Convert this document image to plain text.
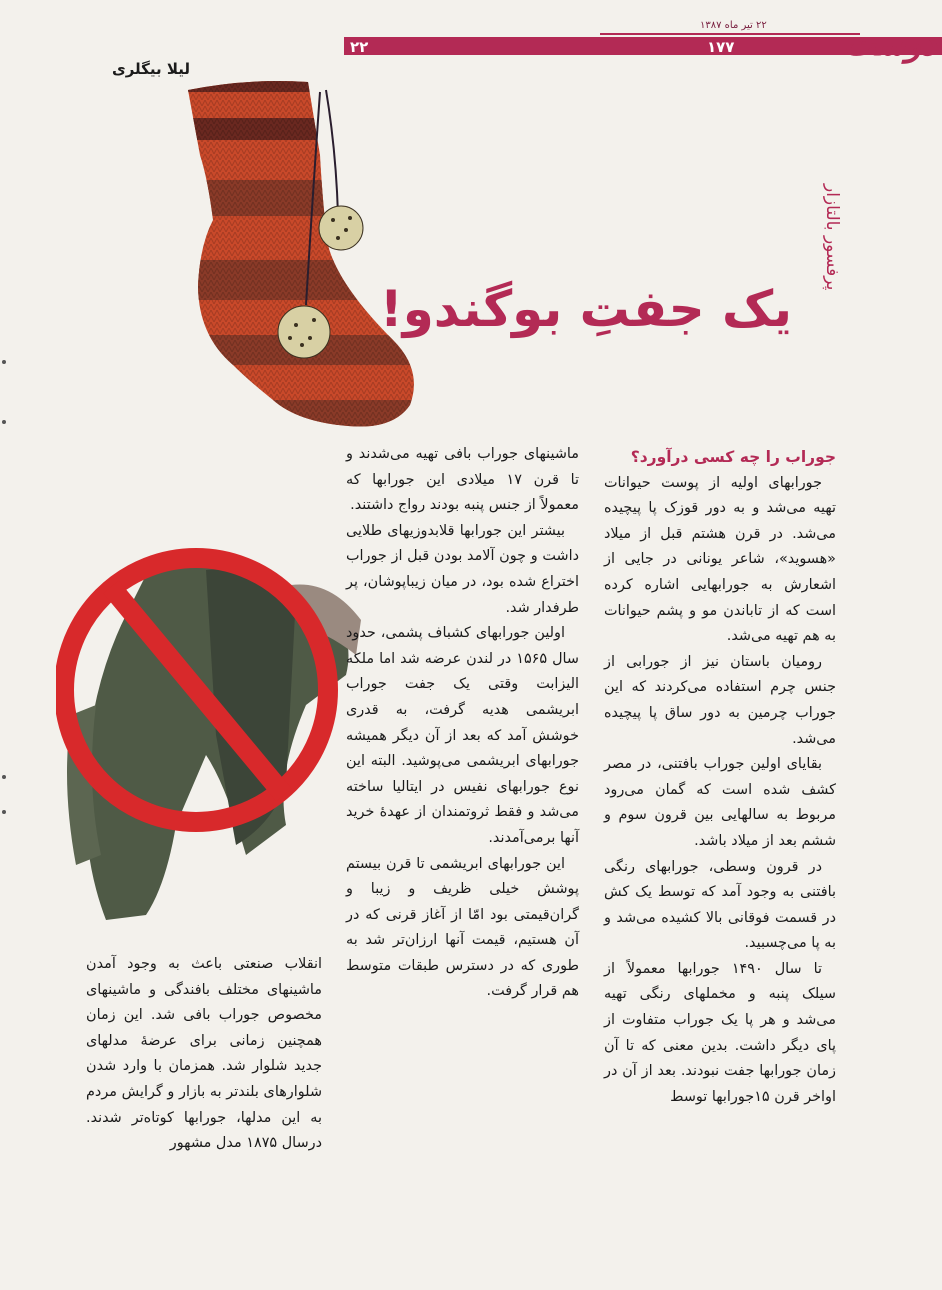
۲۲	۱۷۷
۲۲ تیر ماه ۱۳۸۷ دوست
لیلا بیگلری
پرفسور بالتازار
یک جفتِ بوگندو!

جوراب را چه کسی درآورد؟

جورابهای اولیه از پوست حیوانات تهیه می‌شد و به دور قوزک پا پیچیده می‌شد. در قرن هشتم قبل از میلاد «هسوید»، شاعر یونانی در جایی از اشعارش به جورابهایی اشاره کرده است که از تاباندن مو و پشم حیوانات به هم تهیه می‌شد.

رومیان باستان نیز از جورابی از جنس چرم استفاده می‌کردند که این جوراب چرمین به دور ساق پا پیچیده می‌شد.

بقایای اولین جوراب بافتنی، در مصر کشف شده است که گمان می‌رود مربوط به سالهایی بین قرون سوم و ششم بعد از میلاد باشد.

در قرون وسطی، جورابهای رنگی بافتنی به وجود آمد که توسط یک کش در قسمت فوقانی بالا کشیده می‌شد و به پا می‌چسبید.

تا سال ۱۴۹۰ جورابها معمولاً از سیلک پنبه و مخملهای رنگی تهیه می‌شد و هر پا یک جوراب متفاوت از پای دیگر داشت. بدین معنی که تا آن زمان جورابها جفت نبودند. بعد از آن در اواخر قرن ۱۵جورابها توسط

ماشینهای جوراب بافی تهیه می‌شدند و تا قرن ۱۷ میلادی این جورابها که معمولاً از جنس پنبه بودند رواج داشتند.

بیشتر این جورابها قلابدوزیهای طلایی داشت و چون آلامد بودن قبل از جوراب اختراع شده بود، در میان زیباپوشان، پر طرفدار شد.

اولین جورابهای کشباف پشمی، حدود سال ۱۵۶۵ در لندن عرضه شد اما ملکه الیزابت وقتی یک جفت جوراب ابریشمی هدیه گرفت، به قدری خوشش آمد که بعد از آن دیگر همیشه جورابهای ابریشمی می‌پوشید. البته این نوع جورابهای نفیس در ایتالیا ساخته می‌شد و فقط ثروتمندان از عهدهٔ خرید آنها برمی‌آمدند.

این جورابهای ابریشمی تا قرن بیستم پوشش خیلی ظریف و زیبا و گران‌قیمتی بود امّا از آغاز قرنی که در آن هستیم، قیمت آنها ارزان‌تر شد به طوری که در دسترس طبقات متوسط هم قرار گرفت.

انقلاب صنعتی باعث به وجود آمدن ماشینهای مختلف بافندگی و ماشینهای مخصوص جوراب بافی شد. این زمان همچنین زمانی برای عرضهٔ مدلهای جدید شلوار شد. همزمان با وارد شدن شلوارهای بلندتر به بازار و گرایش مردم به این مدلها، جورابها کوتاه‌تر شدند. درسال ۱۸۷۵ مدل مشهور
